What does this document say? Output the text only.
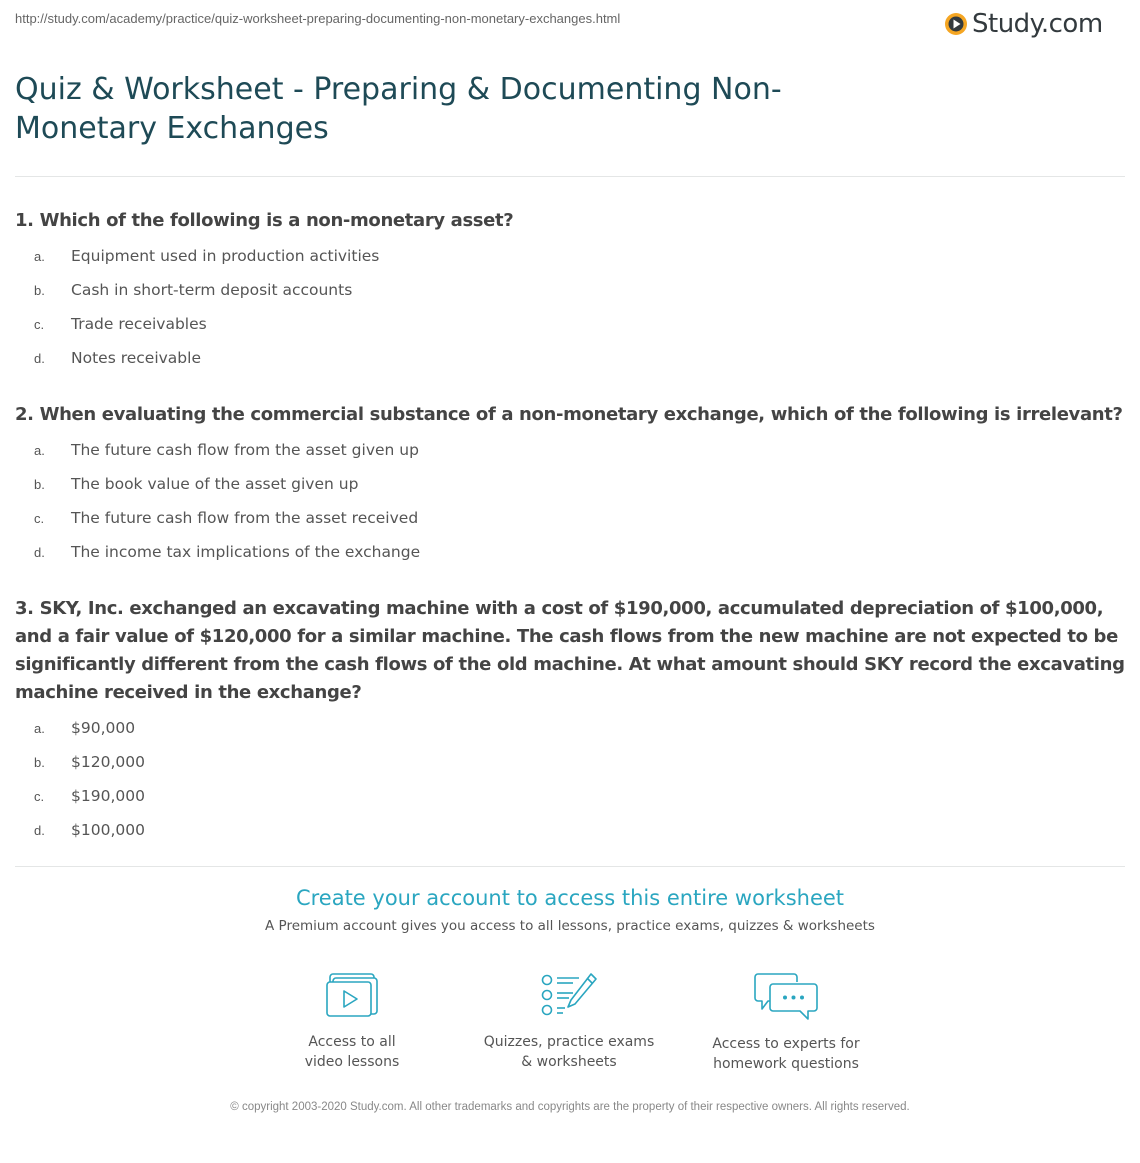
http://study.com/academy/practice/quiz-worksheet-preparing-documenting-non-monetary-exchanges.html	Study.com
Quiz & Worksheet - Preparing & Documenting Non-Monetary Exchanges
1. Which of the following is a non-monetary asset?
a.	Equipment used in production activities
b.	Cash in short-term deposit accounts
c.	Trade receivables
d.	Notes receivable
2. When evaluating the commercial substance of a non-monetary exchange, which of the following is irrelevant?
a.	The future cash flow from the asset given up
b.	The book value of the asset given up
c.	The future cash flow from the asset received
d.	The income tax implications of the exchange
3. SKY, Inc. exchanged an excavating machine with a cost of $190,000, accumulated depreciation of $100,000, and a fair value of $120,000 for a similar machine. The cash flows from the new machine are not expected to be significantly different from the cash flows of the old machine. At what amount should SKY record the excavating machine received in the exchange?
a.	$90,000
b.	$120,000
c.	$190,000
d.	$100,000
Create your account to access this entire worksheet
A Premium account gives you access to all lessons, practice exams, quizzes & worksheets
Access to all
video lessons
Quizzes, practice exams
& worksheets
Access to experts for
homework questions
© copyright 2003-2020 Study.com. All other trademarks and copyrights are the property of their respective owners. All rights reserved.
